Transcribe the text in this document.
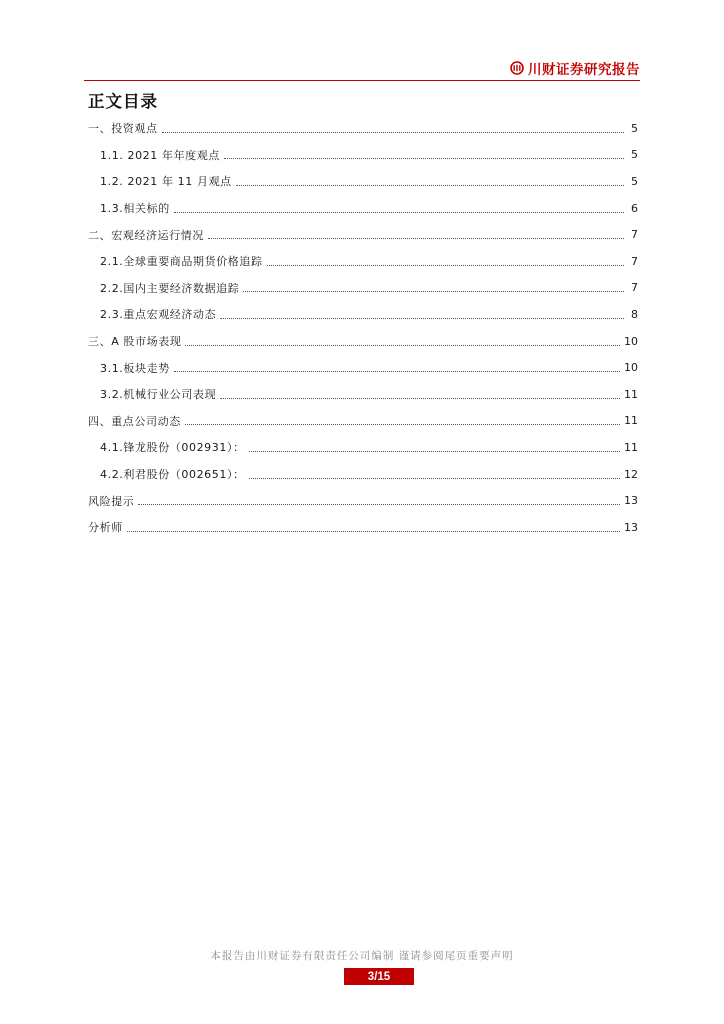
川财证券研究报告
正文目录
一、投资观点	5
1.1. 2021 年年度观点	5
1.2. 2021 年 11 月观点	5
1.3.相关标的	6
二、宏观经济运行情况	7
2.1.全球重要商品期货价格追踪	7
2.2.国内主要经济数据追踪	7
2.3.重点宏观经济动态	8
三、A 股市场表现	10
3.1.板块走势	10
3.2.机械行业公司表现	11
四、重点公司动态	11
4.1.锋龙股份（002931）：	11
4.2.利君股份（002651）：	12
风险提示	13
分析师	13
本报告由川财证券有限责任公司编制 谨请参阅尾页重要声明
3/15
